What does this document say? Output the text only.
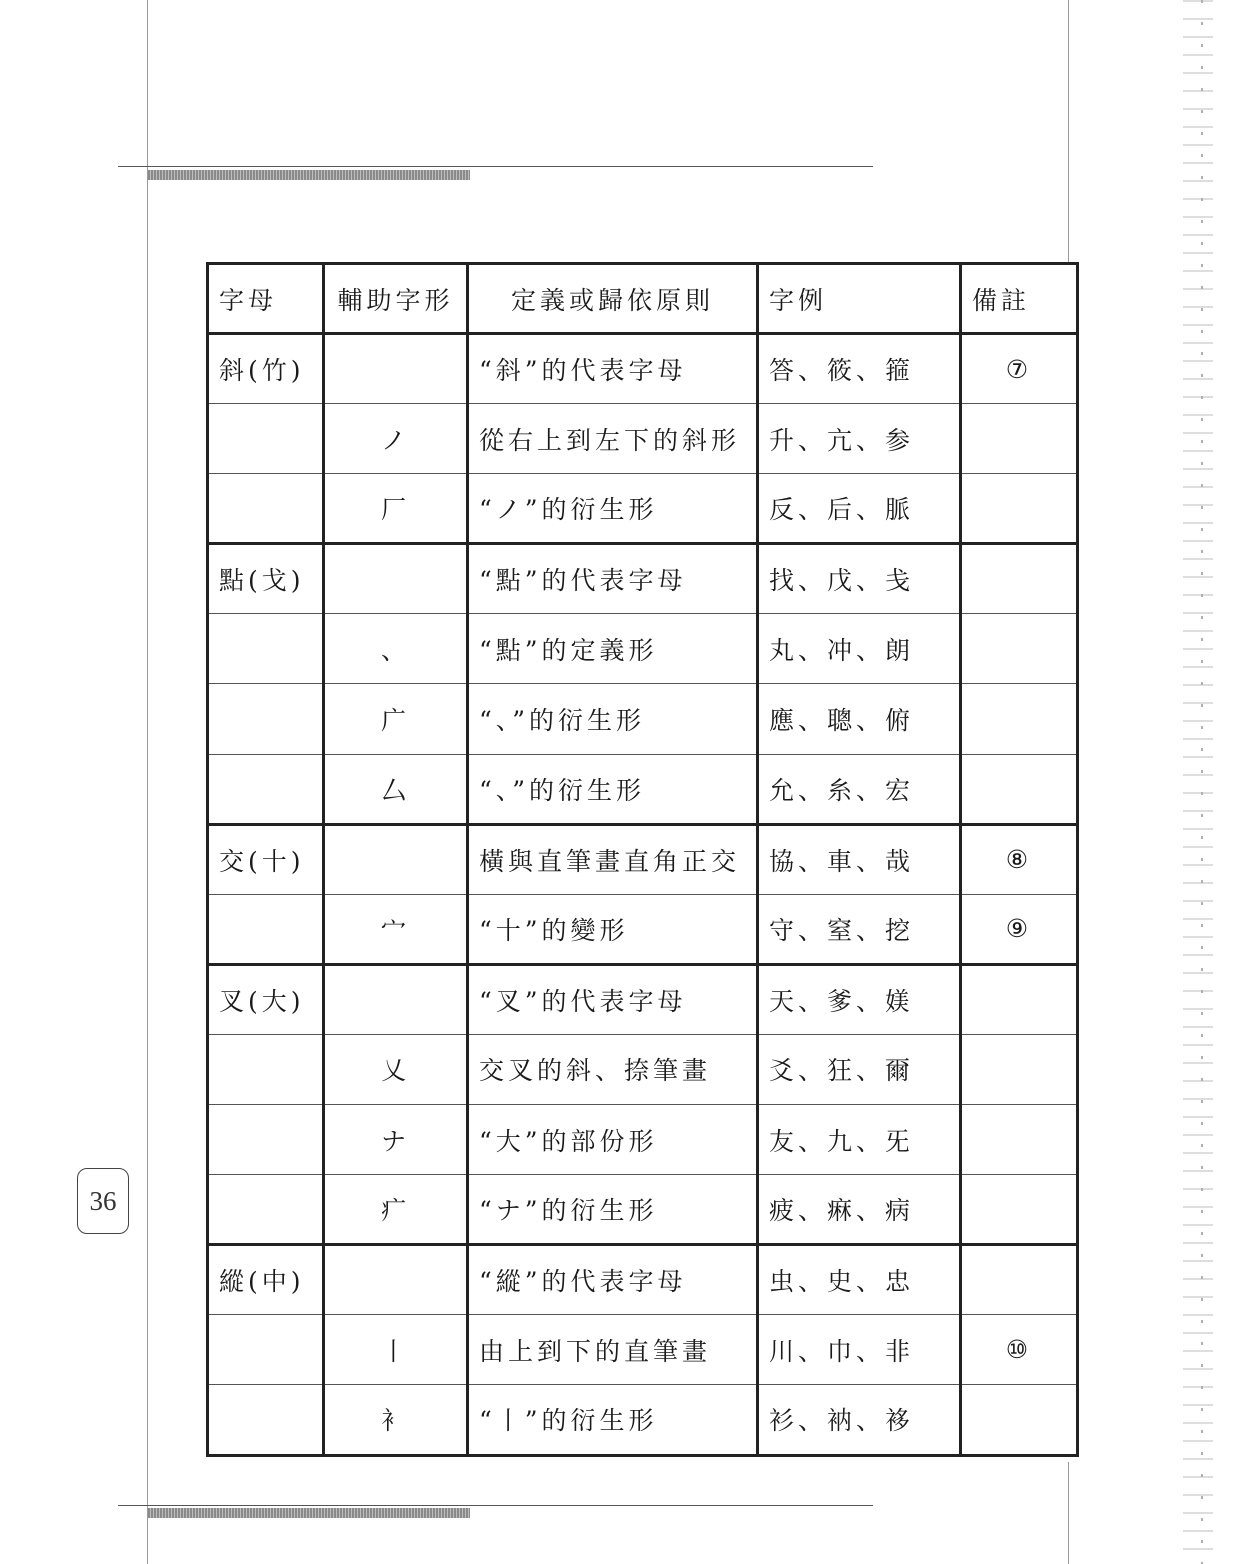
字母	輔助字形	定義或歸依原則	字例	備註
斜(竹)		“斜”的代表字母	答、筱、箍	⑦
	ノ	從右上到左下的斜形	升、亢、参	
	厂	“ノ”的衍生形	反、后、脈	
點(戈)		“點”的代表字母	找、戊、戋	
	、	“點”的定義形	丸、冲、朗	
	广	“、”的衍生形	應、聰、俯	
	厶	“、”的衍生形	允、糸、宏	
交(十)		橫與直筆畫直角正交	協、車、哉	⑧
	宀	“十”的變形	守、窒、挖	⑨
叉(大)		“叉”的代表字母	天、爹、媄	
	乂	交叉的斜、捺筆畫	爻、狂、爾	
	ナ	“大”的部份形	友、九、旡	
	疒	“ナ”的衍生形	疲、痳、病	
縱(中)		“縱”的代表字母	虫、史、忠	
	丨	由上到下的直筆畫	川、巾、非	⑩
	衤	“丨”的衍生形	衫、衲、袳	
36
